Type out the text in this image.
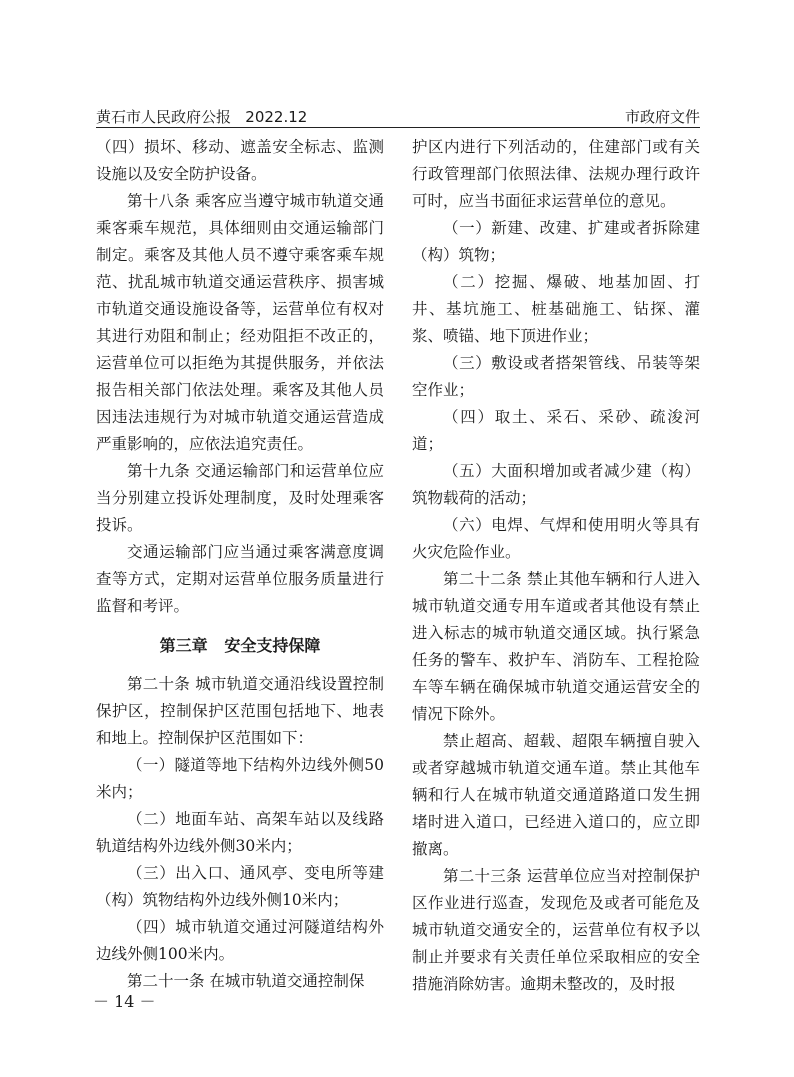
黄石市人民政府公报   2022.12	市政府文件

（四）损坏、移动、遮盖安全标志、监测设施以及安全防护设备。

第十八条 乘客应当遵守城市轨道交通乘客乘车规范，具体细则由交通运输部门制定。乘客及其他人员不遵守乘客乘车规范、扰乱城市轨道交通运营秩序、损害城市轨道交通设施设备等，运营单位有权对其进行劝阻和制止；经劝阻拒不改正的，运营单位可以拒绝为其提供服务，并依法报告相关部门依法处理。乘客及其他人员因违法违规行为对城市轨道交通运营造成严重影响的，应依法追究责任。

第十九条 交通运输部门和运营单位应当分别建立投诉处理制度，及时处理乘客投诉。

交通运输部门应当通过乘客满意度调查等方式，定期对运营单位服务质量进行监督和考评。

第三章   安全支持保障

第二十条 城市轨道交通沿线设置控制保护区，控制保护区范围包括地下、地表和地上。控制保护区范围如下：

（一）隧道等地下结构外边线外侧50米内；

（二）地面车站、高架车站以及线路轨道结构外边线外侧30米内；

（三）出入口、通风亭、变电所等建（构）筑物结构外边线外侧10米内；

（四）城市轨道交通过河隧道结构外边线外侧100米内。

第二十一条 在城市轨道交通控制保

护区内进行下列活动的，住建部门或有关行政管理部门依照法律、法规办理行政许可时，应当书面征求运营单位的意见。

（一）新建、改建、扩建或者拆除建（构）筑物；

（二）挖掘、爆破、地基加固、打井、基坑施工、桩基础施工、钻探、灌浆、喷锚、地下顶进作业；

（三）敷设或者搭架管线、吊装等架空作业；

（四）取土、采石、采砂、疏浚河道；

（五）大面积增加或者减少建（构）筑物载荷的活动；

（六）电焊、气焊和使用明火等具有火灾危险作业。

第二十二条 禁止其他车辆和行人进入城市轨道交通专用车道或者其他设有禁止进入标志的城市轨道交通区域。执行紧急任务的警车、救护车、消防车、工程抢险车等车辆在确保城市轨道交通运营安全的情况下除外。

禁止超高、超载、超限车辆擅自驶入或者穿越城市轨道交通车道。禁止其他车辆和行人在城市轨道交通道路道口发生拥堵时进入道口，已经进入道口的，应立即撤离。

第二十三条 运营单位应当对控制保护区作业进行巡查，发现危及或者可能危及城市轨道交通安全的，运营单位有权予以制止并要求有关责任单位采取相应的安全措施消除妨害。逾期未整改的，及时报

－ 14 －
